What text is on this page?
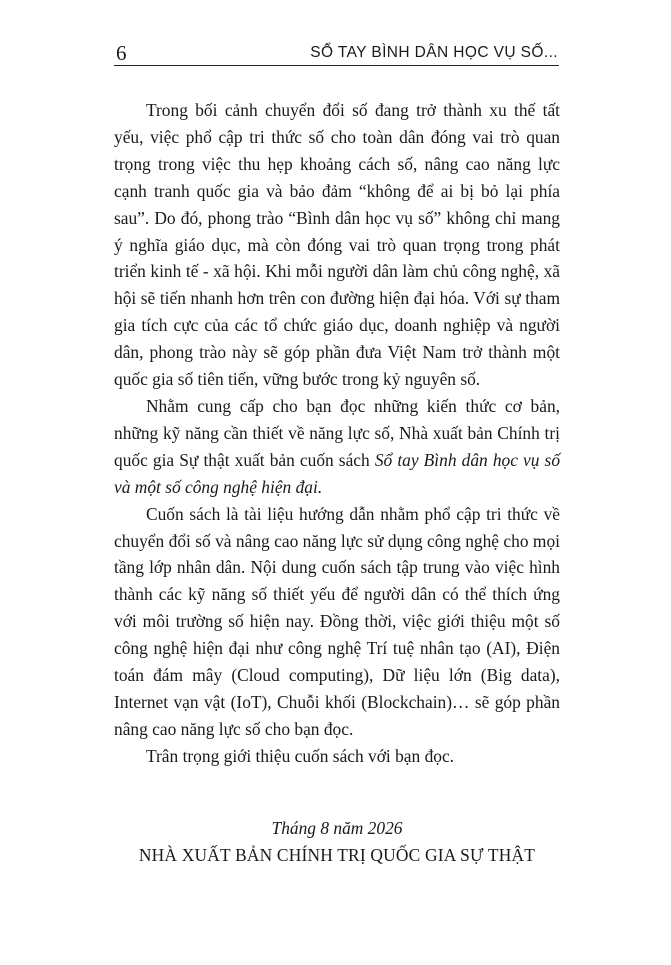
6	SỔ TAY BÌNH DÂN HỌC VỤ SỐ...

Trong bối cảnh chuyển đổi số đang trở thành xu thế tất yếu, việc phổ cập tri thức số cho toàn dân đóng vai trò quan trọng trong việc thu hẹp khoảng cách số, nâng cao năng lực cạnh tranh quốc gia và bảo đảm “không để ai bị bỏ lại phía sau”. Do đó, phong trào “Bình dân học vụ số” không chỉ mang ý nghĩa giáo dục, mà còn đóng vai trò quan trọng trong phát triển kinh tế - xã hội. Khi mỗi người dân làm chủ công nghệ, xã hội sẽ tiến nhanh hơn trên con đường hiện đại hóa. Với sự tham gia tích cực của các tổ chức giáo dục, doanh nghiệp và người dân, phong trào này sẽ góp phần đưa Việt Nam trở thành một quốc gia số tiên tiến, vững bước trong kỷ nguyên số.

Nhằm cung cấp cho bạn đọc những kiến thức cơ bản, những kỹ năng cần thiết về năng lực số, Nhà xuất bản Chính trị quốc gia Sự thật xuất bản cuốn sách Sổ tay Bình dân học vụ số và một số công nghệ hiện đại.

Cuốn sách là tài liệu hướng dẫn nhằm phổ cập tri thức về chuyển đổi số và nâng cao năng lực sử dụng công nghệ cho mọi tầng lớp nhân dân. Nội dung cuốn sách tập trung vào việc hình thành các kỹ năng số thiết yếu để người dân có thể thích ứng với môi trường số hiện nay. Đồng thời, việc giới thiệu một số công nghệ hiện đại như công nghệ Trí tuệ nhân tạo (AI), Điện toán đám mây (Cloud computing), Dữ liệu lớn (Big data), Internet vạn vật (IoT), Chuỗi khối (Blockchain)… sẽ góp phần nâng cao năng lực số cho bạn đọc.

Trân trọng giới thiệu cuốn sách với bạn đọc.

Tháng 8 năm 2026
NHÀ XUẤT BẢN CHÍNH TRỊ QUỐC GIA SỰ THẬT
